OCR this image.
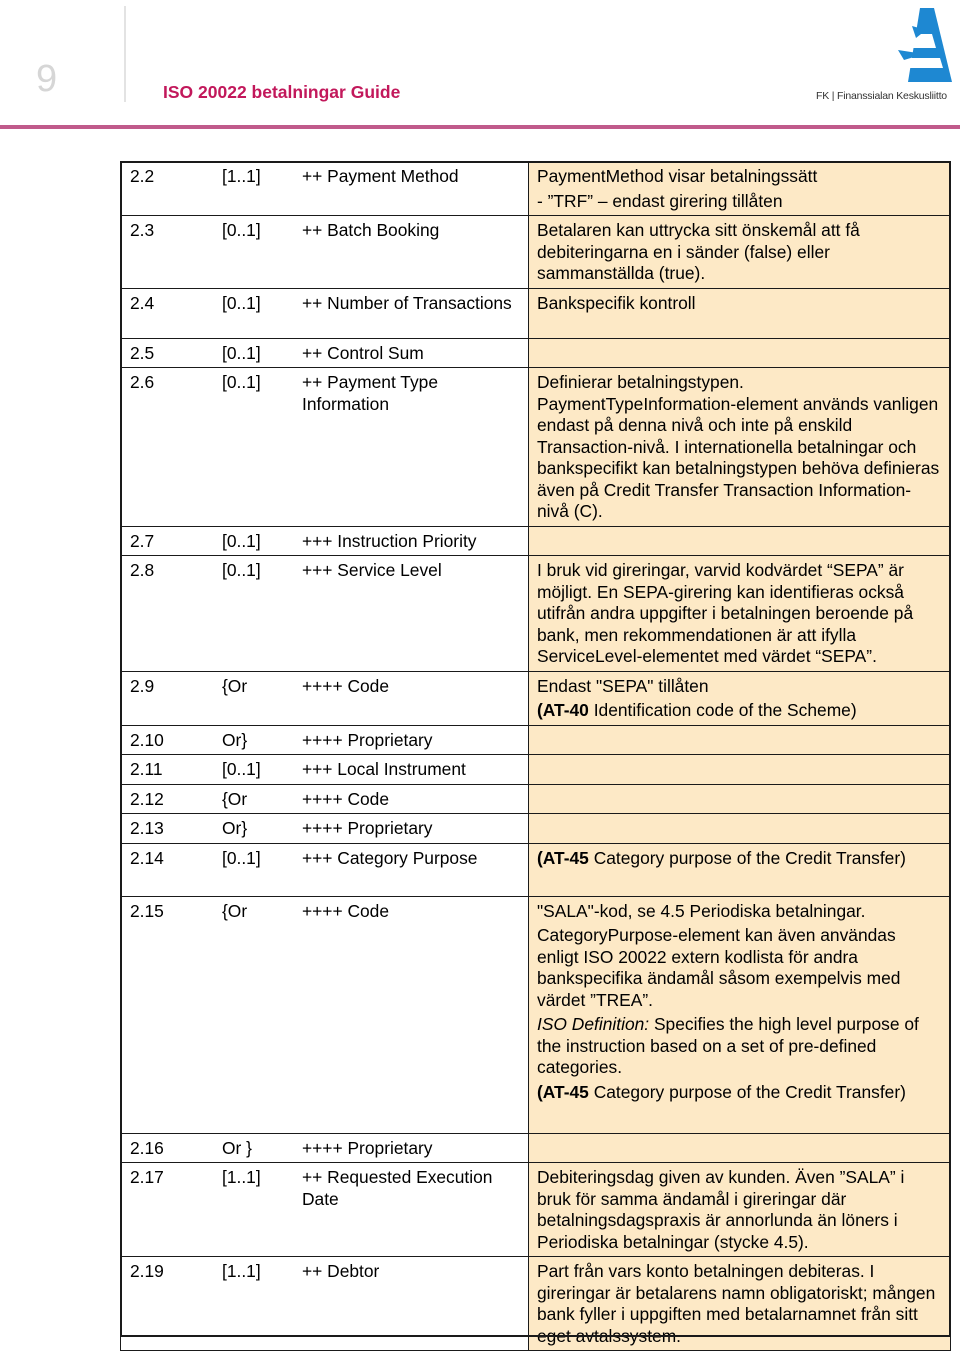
9	ISO 20022 betalningar Guide	FK | Finanssialan Keskusliitto
2.2	[1..1]	++ Payment Method	PaymentMethod visar betalningssätt
- ”TRF” – endast girering tillåten

2.3	[0..1]	++ Batch Booking	Betalaren kan uttrycka sitt önskemål att få debiteringarna en i sänder (false) eller sammanställda (true).

2.4	[0..1]	++ Number of Transactions	Bankspecifik kontroll

2.5	[0..1]	++ Control Sum	
2.6	[0..1]	++ Payment Type Information	Definierar betalningstypen. PaymentTypeInformation-element används vanligen endast på denna nivå och inte på enskild Transaction-nivå. I internationella betalningar och bankspecifikt kan betalningstypen behöva definieras även på Credit Transfer Transaction Information-nivå (C).

2.7	[0..1]	+++ Instruction Priority	
2.8	[0..1]	+++ Service Level	I bruk vid gireringar, varvid kodvärdet “SEPA” är möjligt. En SEPA-girering kan identifieras också utifrån andra uppgifter i betalningen beroende på bank, men rekommendationen är att ifylla ServiceLevel-elementet med värdet “SEPA”.

2.9	{Or	++++ Code	Endast "SEPA" tillåten
(AT-40 Identification code of the Scheme)

2.10	Or}	++++ Proprietary	
2.11	[0..1]	+++ Local Instrument	
2.12	{Or	++++ Code	
2.13	Or}	++++ Proprietary	
2.14	[0..1]	+++ Category Purpose	(AT-45 Category purpose of the Credit Transfer)

2.15	{Or	++++ Code	"SALA"-kod, se 4.5 Periodiska betalningar.
CategoryPurpose-element kan även användas enligt ISO 20022 extern kodlista för andra bankspecifika ändamål såsom exempelvis med värdet ”TREA”.
ISO Definition: Specifies the high level purpose of the instruction based on a set of pre-defined categories.
(AT-45 Category purpose of the Credit Transfer)

2.16	Or }	++++ Proprietary	
2.17	[1..1]	++ Requested Execution Date	Debiteringsdag given av kunden. Även ”SALA” i bruk för samma ändamål i gireringar där betalningsdagspraxis är annorlunda än löners i Periodiska betalningar (stycke 4.5).

2.19	[1..1]	++ Debtor	Part från vars konto betalningen debiteras. I gireringar är betalarens namn obligatoriskt; mången bank fyller i uppgiften med betalarnamnet från sitt eget avtalssystem.
